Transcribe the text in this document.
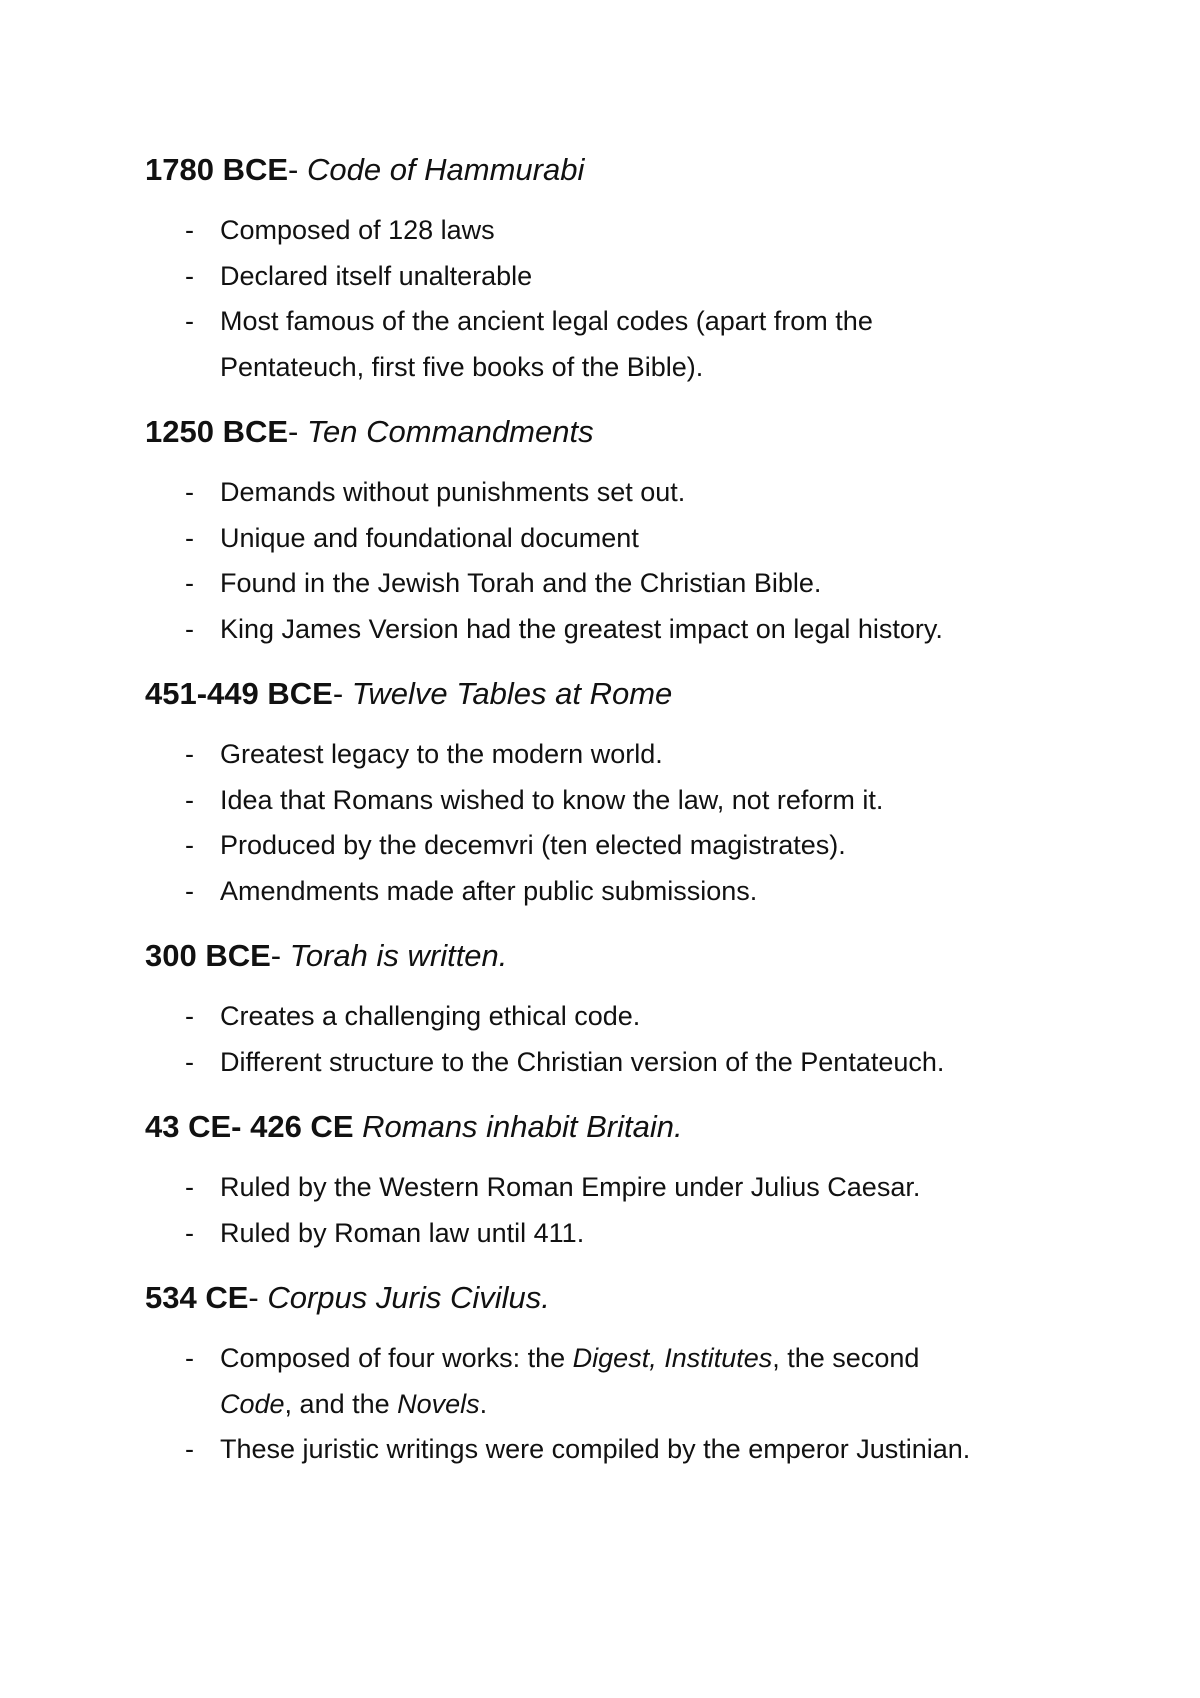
1780 BCE- Code of Hammurabi

- Composed of 128 laws
- Declared itself unalterable
- Most famous of the ancient legal codes (apart from the
Pentateuch, first five books of the Bible).

1250 BCE- Ten Commandments

- Demands without punishments set out.
- Unique and foundational document
- Found in the Jewish Torah and the Christian Bible.
- King James Version had the greatest impact on legal history.

451-449 BCE- Twelve Tables at Rome

- Greatest legacy to the modern world.
- Idea that Romans wished to know the law, not reform it.
- Produced by the decemvri (ten elected magistrates).
- Amendments made after public submissions.

300 BCE- Torah is written.

- Creates a challenging ethical code.
- Different structure to the Christian version of the Pentateuch.

43 CE- 426 CE Romans inhabit Britain.

- Ruled by the Western Roman Empire under Julius Caesar.
- Ruled by Roman law until 411.

534 CE- Corpus Juris Civilus.

- Composed of four works: the Digest, Institutes, the second
Code, and the Novels.
- These juristic writings were compiled by the emperor Justinian.
